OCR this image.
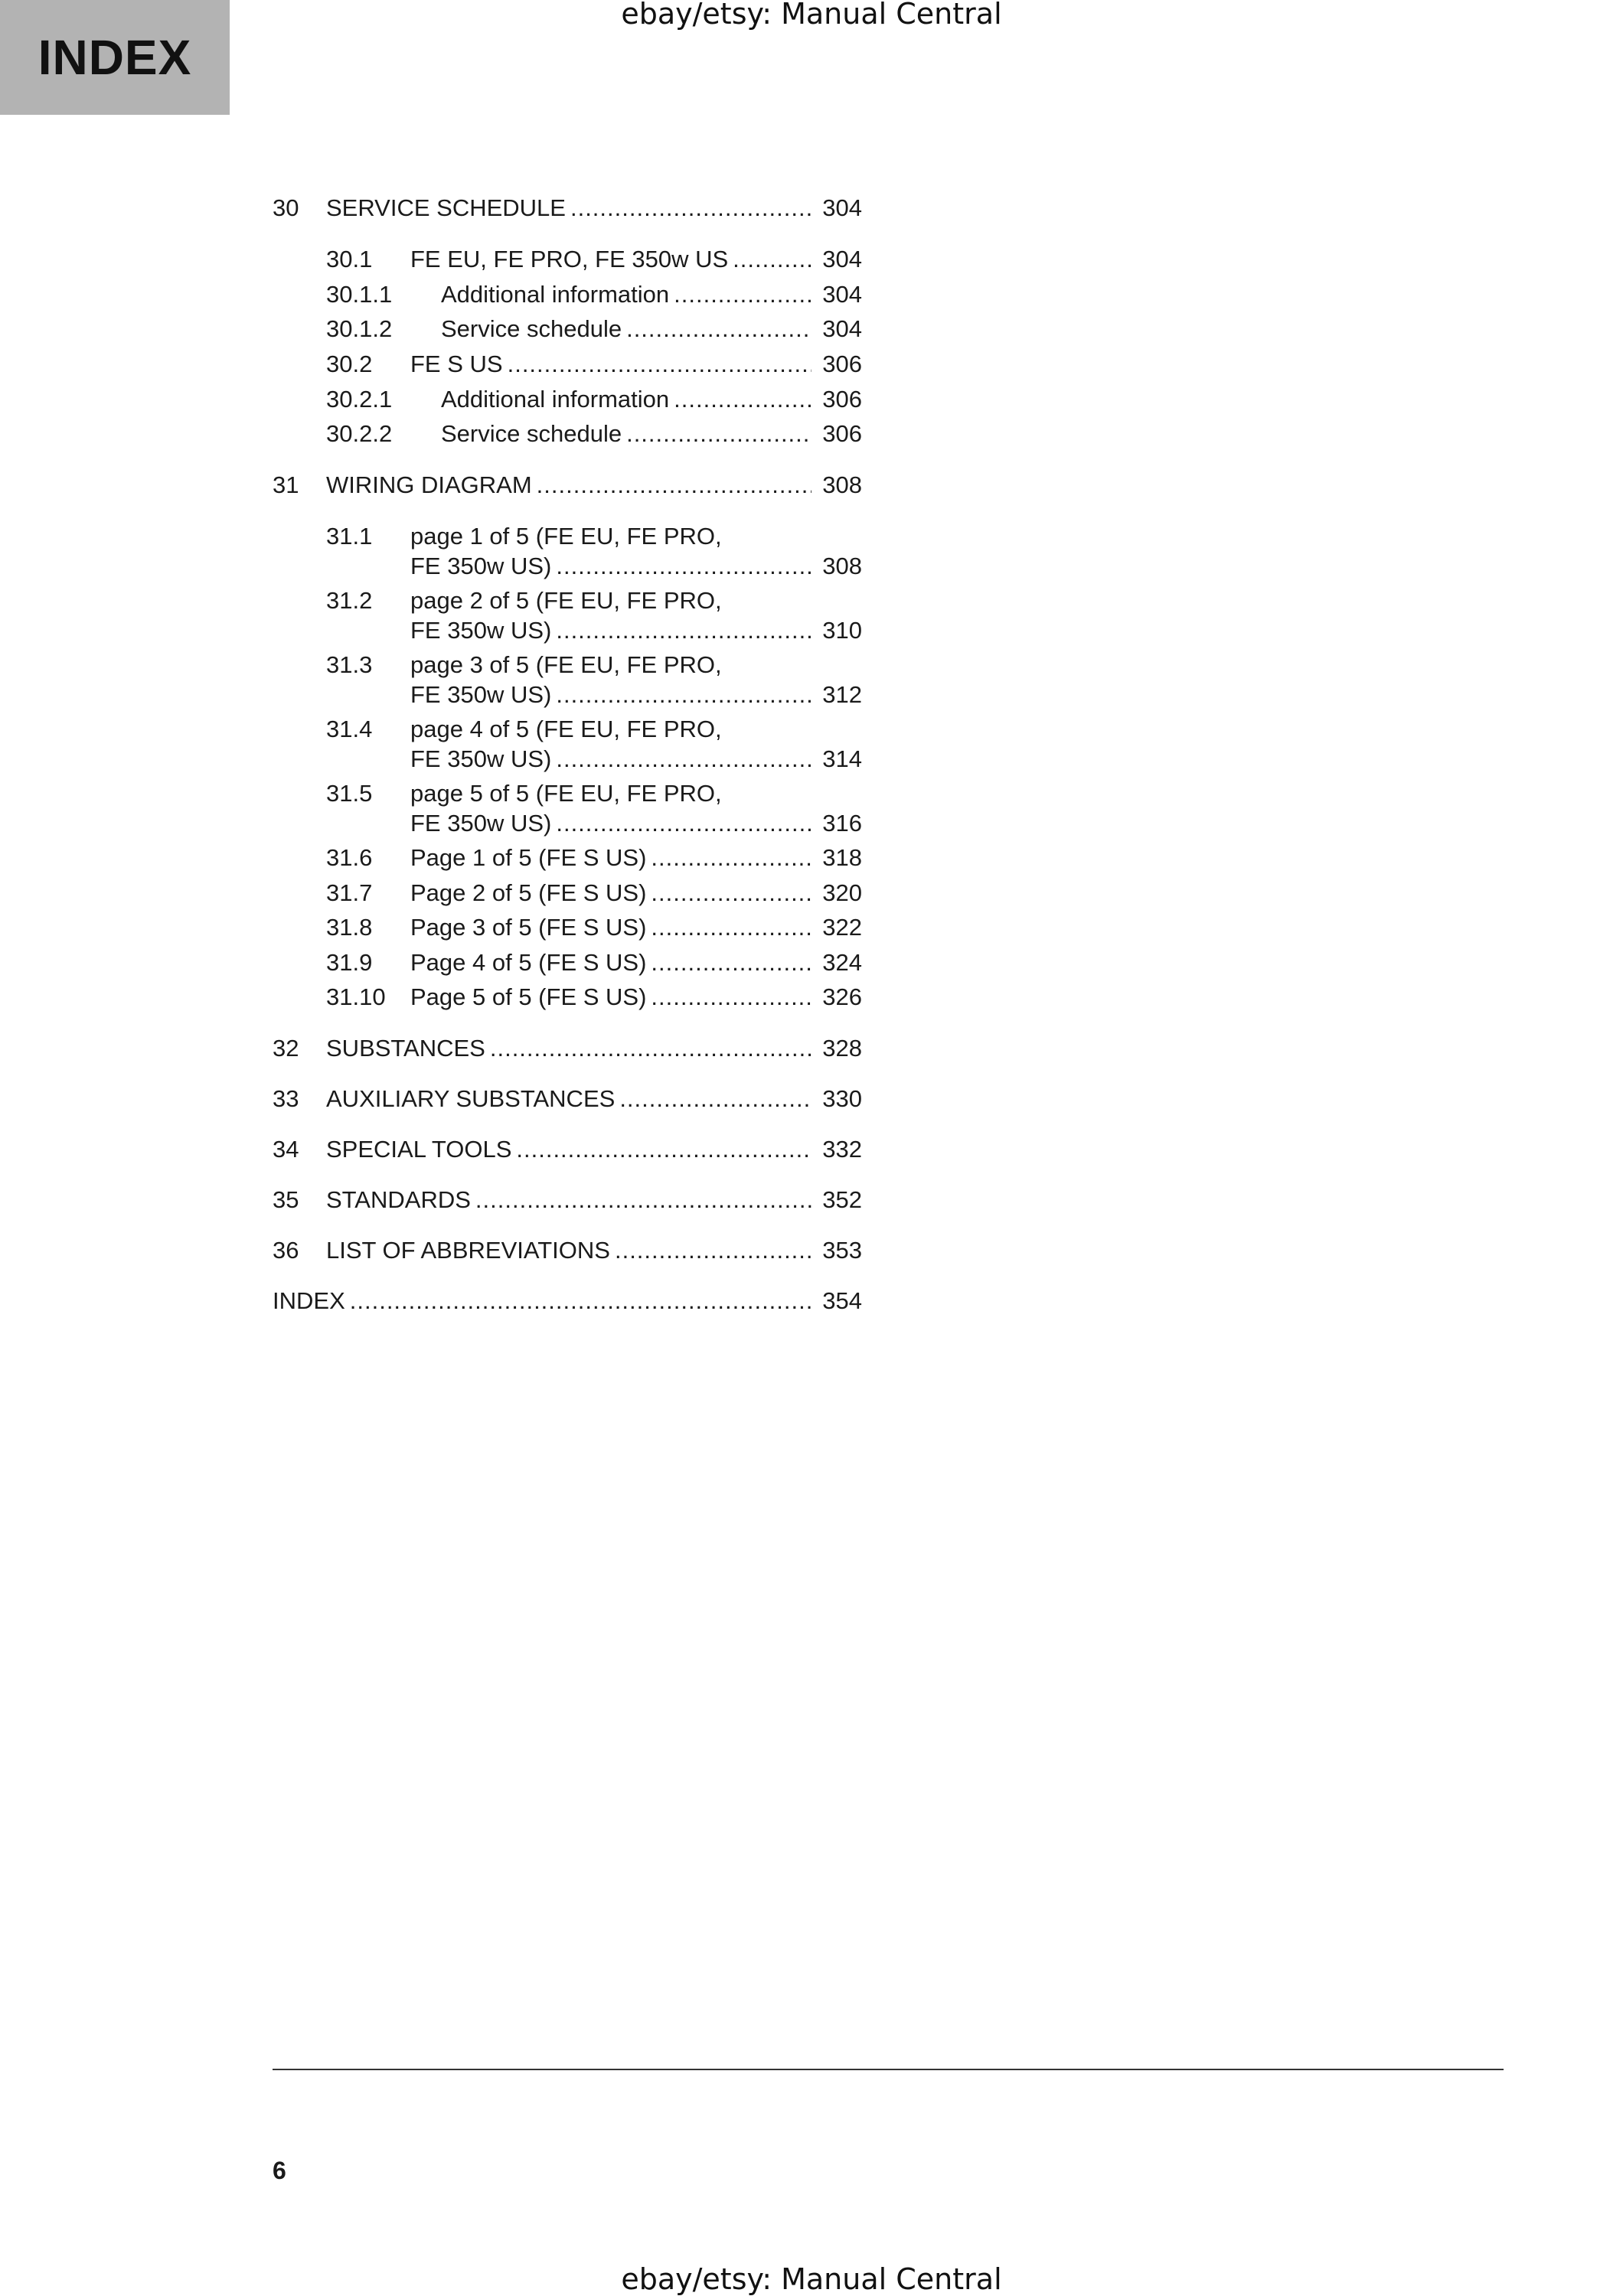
INDEX
ebay/etsy: Manual Central
30 SERVICE SCHEDULE .....	304
30.1 FE EU, FE PRO, FE 350w US .....	304
30.1.1 Additional information .....	304
30.1.2 Service schedule .....	304
30.2 FE S US .....	306
30.2.1 Additional information .....	306
30.2.2 Service schedule .....	306
31 WIRING DIAGRAM .....	308
31.1 page 1 of 5 (FE EU, FE PRO,
FE 350w US) .....	308
31.2 page 2 of 5 (FE EU, FE PRO,
FE 350w US) .....	310
31.3 page 3 of 5 (FE EU, FE PRO,
FE 350w US) .....	312
31.4 page 4 of 5 (FE EU, FE PRO,
FE 350w US) .....	314
31.5 page 5 of 5 (FE EU, FE PRO,
FE 350w US) .....	316
31.6 Page 1 of 5 (FE S US) .....	318
31.7 Page 2 of 5 (FE S US) .....	320
31.8 Page 3 of 5 (FE S US) .....	322
31.9 Page 4 of 5 (FE S US) .....	324
31.10 Page 5 of 5 (FE S US) .....	326
32 SUBSTANCES .....	328
33 AUXILIARY SUBSTANCES .....	330
34 SPECIAL TOOLS .....	332
35 STANDARDS .....	352
36 LIST OF ABBREVIATIONS .....	353
INDEX .....	354
6
ebay/etsy: Manual Central
